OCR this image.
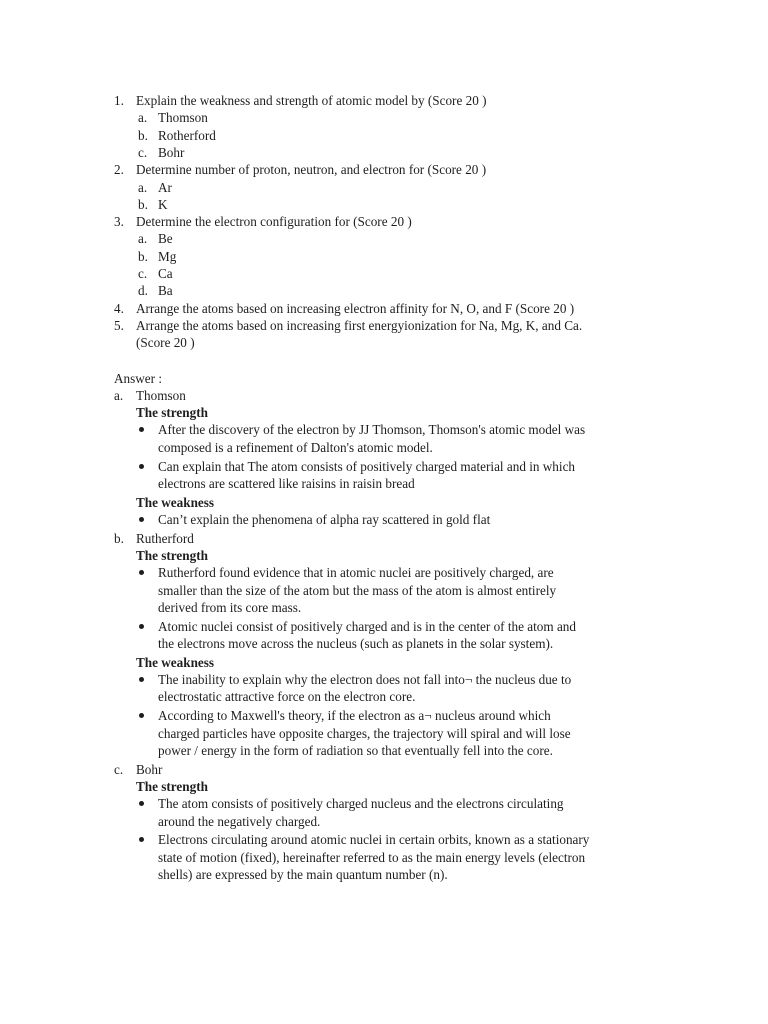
1. Explain the weakness and strength of atomic model by (Score 20 )
a. Thomson
b. Rotherford
c. Bohr
2. Determine number of proton, neutron, and electron for (Score 20 )
a. Ar
b. K
3. Determine the electron configuration for (Score 20 )
a. Be
b. Mg
c. Ca
d. Ba
4. Arrange the atoms based on increasing electron affinity for N, O, and F (Score 20 )
5. Arrange the atoms based on increasing first energyionization for Na, Mg, K, and Ca.
(Score 20 )
Answer :
a. Thomson
The strength
After the discovery of the electron by JJ Thomson, Thomson's atomic model was
composed is a refinement of Dalton's atomic model.
Can explain that The atom consists of positively charged material and in which
electrons are scattered like raisins in raisin bread
The weakness
Can’t explain the phenomena of alpha ray scattered in gold flat
b. Rutherford
The strength
Rutherford found evidence that in atomic nuclei are positively charged, are
smaller than the size of the atom but the mass of the atom is almost entirely
derived from its core mass.
Atomic nuclei consist of positively charged and is in the center of the atom and
the electrons move across the nucleus (such as planets in the solar system).
The weakness
The inability to explain why the electron does not fall into¬ the nucleus due to
electrostatic attractive force on the electron core.
According to Maxwell's theory, if the electron as a¬ nucleus around which
charged particles have opposite charges, the trajectory will spiral and will lose
power / energy in the form of radiation so that eventually fell into the core.
c. Bohr
The strength
The atom consists of positively charged nucleus and the electrons circulating
around the negatively charged.
Electrons circulating around atomic nuclei in certain orbits, known as a stationary
state of motion (fixed), hereinafter referred to as the main energy levels (electron
shells) are expressed by the main quantum number (n).
